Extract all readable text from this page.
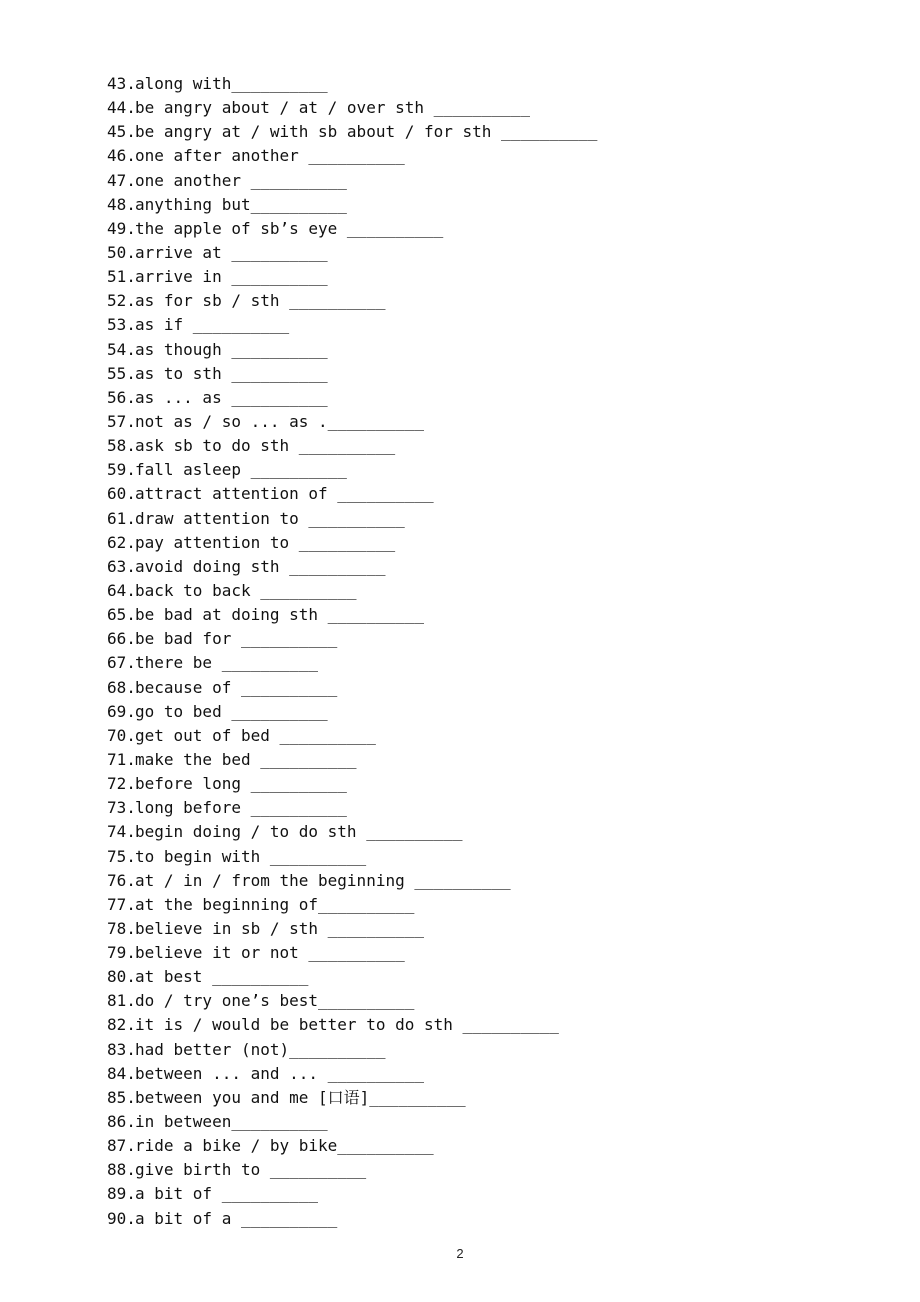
43.along with__________
44.be angry about / at / over sth __________
45.be angry at / with sb about / for sth __________
46.one after another __________
47.one another __________
48.anything but__________
49.the apple of sb’s eye __________
50.arrive at __________
51.arrive in __________
52.as for sb / sth __________
53.as if __________
54.as though __________
55.as to sth __________
56.as ... as __________
57.not as / so ... as .__________
58.ask sb to do sth __________
59.fall asleep __________
60.attract attention of __________
61.draw attention to __________
62.pay attention to __________
63.avoid doing sth __________
64.back to back __________
65.be bad at doing sth __________
66.be bad for __________
67.there be __________
68.because of __________
69.go to bed __________
70.get out of bed __________
71.make the bed __________
72.before long __________
73.long before __________
74.begin doing / to do sth __________
75.to begin with __________
76.at / in / from the beginning __________
77.at the beginning of__________
78.believe in sb / sth __________
79.believe it or not __________
80.at best __________
81.do / try one’s best__________
82.it is / would be better to do sth __________
83.had better (not)__________
84.between ... and ... __________
85.between you and me [口语]__________
86.in between__________
87.ride a bike / by bike__________
88.give birth to __________
89.a bit of __________
90.a bit of a __________
2
